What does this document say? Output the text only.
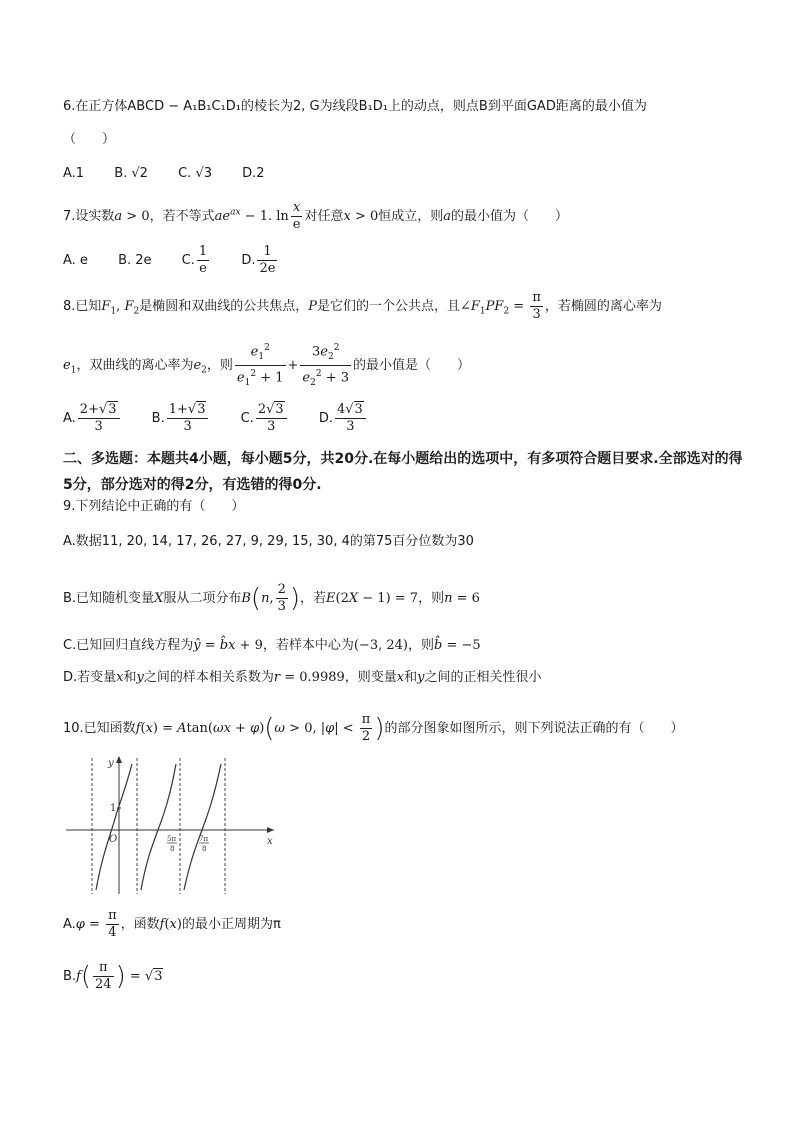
6.在正方体ABCD − A₁B₁C₁D₁的棱长为2, G为线段B₁D₁上的动点，则点B到平面GAD距离的最小值为
（　　）
A.1 B. √2 C. √3 D.2
7.设实数a > 0，若不等式$ae^{ax} - 1$. $\ln \frac{x}{e}$ 对任意x > 0恒成立，则a的最小值为（　　）
A. e B. 2e C. $\frac{1}{e} D$. $\frac{1}{2e}$
8.已知$F_1$, $F_2$是椭圆和双曲线的公共焦点，P是它们的一个公共点，且$\angle F_1PF_2 = \frac{\pi}{3}$ ，若椭圆的离心率为
$e_1$，双曲线的离心率为$e_2$，则 $\frac{e_1^2}{e_1^2 + 1} + \frac{3e_2^2}{e_2^2 + 3}$ 的最小值是（　　）
A. $\frac{2+√3}{3} B$. $\frac{1+√3}{3} C$. $\frac{2√3}{3} D$. $\frac{4√3}{3}$
二、多选题：本题共4小题，每小题5分，共20分.在每小题给出的选项中，有多项符合题目要求.全部选对的得5分，部分选对的得2分，有选错的得0分.
9.下列结论中正确的有（　　）
A.数据11, 20, 14, 17, 26, 27, 9, 29, 15, 30, 4的第75百分位数为30
B.已知随机变量X服从二项分布B(n, $\frac{2}{3}$ )，若E(2X − 1) = 7，则n = 6
C.已知回归直线方程为ŷ = b̂x + 9，若样本中心为(−3, 24)，则b̂ = −5
D.若变量x和y之间的样本相关系数为r = 0.9989，则变量x和y之间的正相关性很小
10.已知函数f(x) = Atan(ωx + φ)(ω > 0, $|\varphi| < \frac{\pi}{2}$ )的部分图象如图所示，则下列说法正确的有（　　）
y
x
O
1
5π
8
7π
8
$A.\varphi = \frac{\pi}{4}$ ，函数f(x)的最小正周期为π
$B.f( \frac{\pi}{24}$ ) = √3
